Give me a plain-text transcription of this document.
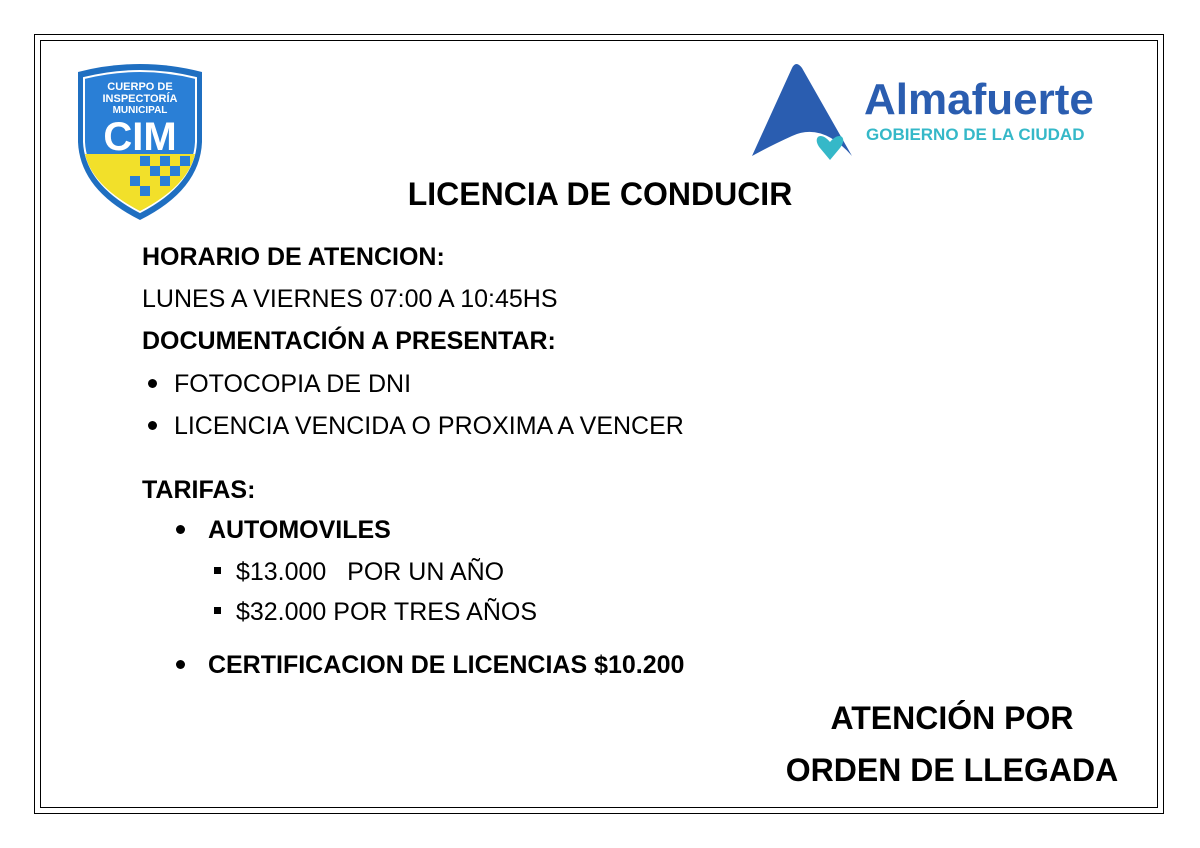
CUERPO DE
INSPECTORÍA
MUNICIPAL
CIM
Almafuerte
GOBIERNO DE LA CIUDAD
LICENCIA DE CONDUCIR
HORARIO DE ATENCION:
LUNES A VIERNES 07:00 A 10:45HS
DOCUMENTACIÓN A PRESENTAR:
FOTOCOPIA DE DNI
LICENCIA VENCIDA O PROXIMA A VENCER
TARIFAS:
AUTOMOVILES
$13.000   POR UN AÑO
$32.000 POR TRES AÑOS
CERTIFICACION DE LICENCIAS $10.200
ATENCIÓN POR
ORDEN DE LLEGADA
